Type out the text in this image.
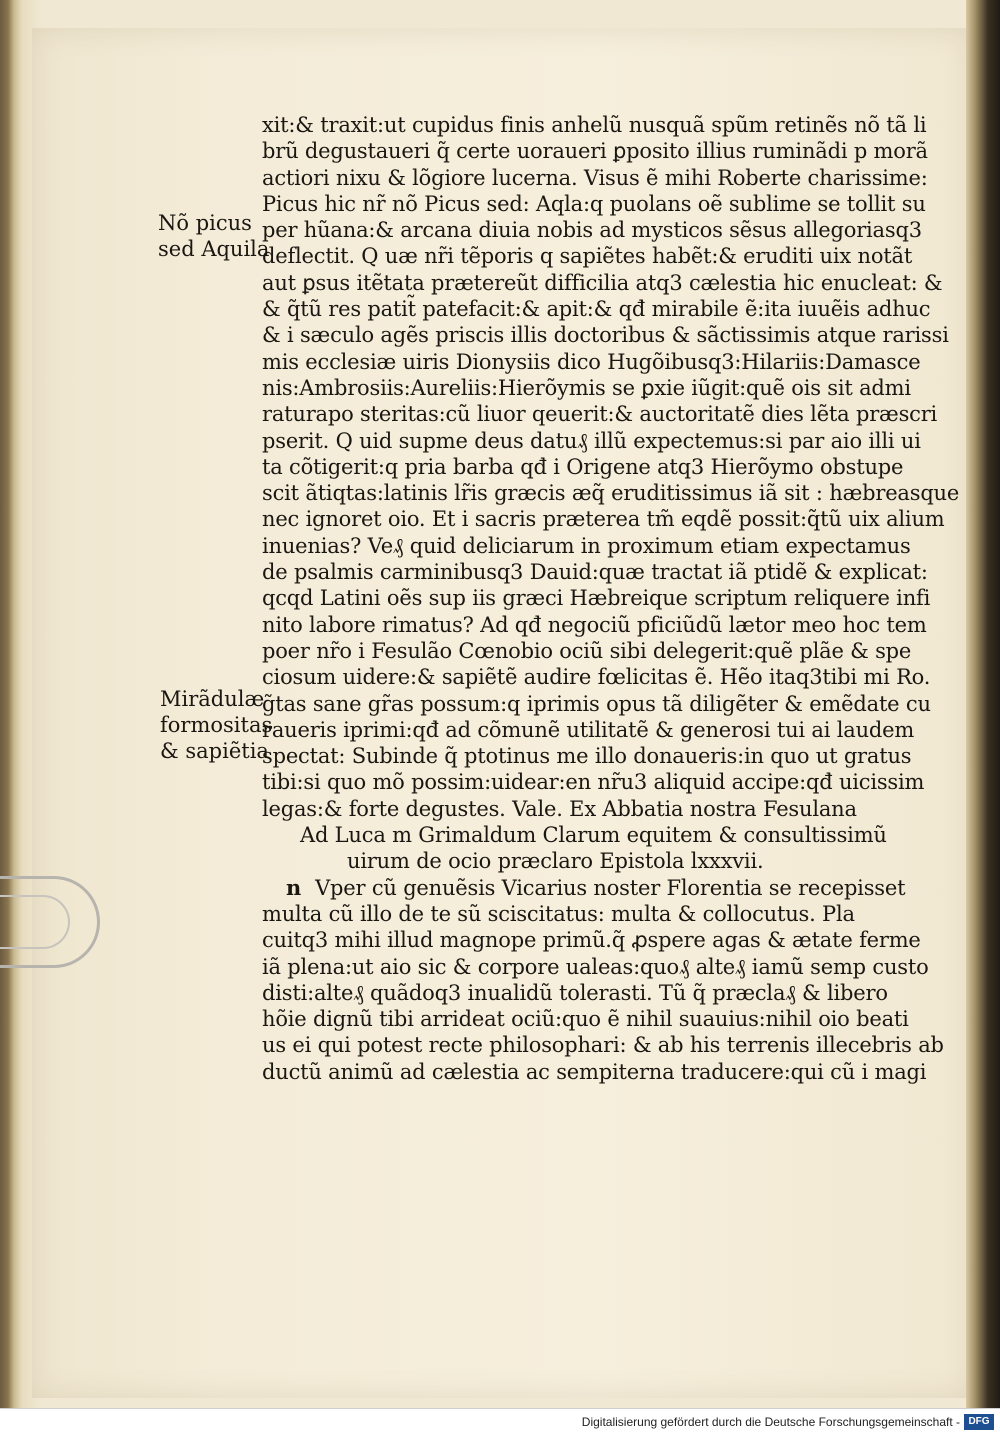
Nõ picus
sed Aquila
Mirãdulæ
formositas
& sapiẽtia
xit:& traxit:ut cupidus finis anhelũ nusquã spũm retinẽs nõ tã li
brũ degustaueri q̃ certe uoraueri ꝑposito illius ruminãdi p morã
actiori nixu & lõgiore lucerna. Visus ẽ mihi Roberte charissime:
Picus hic nr̃ nõ Picus sed: Aqla:q puolans oẽ sublime se tollit su
per hũana:& arcana diuia nobis ad mysticos sẽsus allegoriasq3
deflectit. Q uæ nr̃i tẽporis q sapiẽtes habẽt:& eruditi uix notãt
aut ꝑsus itẽtata prætereũt difficilia atq3 cælestia hic enucleat: &
& q̃tũ res patit̃ patefacit:& apit:& qđ mirabile ẽ:ita iuuẽis adhuc
& i sæculo agẽs priscis illis doctoribus & sãctissimis atque rarissi
mis ecclesiæ uiris Dionysiis dico Hugõibusq3:Hilariis:Damasce
nis:Ambrosiis:Aureliis:Hierõymis se ꝑxie iũgit:quẽ ois sit admi
raturapo steritas:cũ liuor qeuerit:& auctoritatẽ dies lẽta præscri
pserit. Q uid supme deus datu₰ illũ expectemus:si par aio illi ui
ta cõtigerit:q pria barba qđ i Origene atq3 Hierõymo obstupe
scit ãtiqtas:latinis lr̃is græcis æq̃ eruditissimus iã sit : hæbreasque
nec ignoret oio. Et i sacris præterea tm̃ eqdẽ possit:q̃tũ uix alium
inuenias? Ve₰ quid deliciarum in proximum etiam expectamus
de psalmis carminibusq3 Dauid:quæ tractat iã ptidẽ & explicat:
qcqd Latini oẽs sup iis græci Hæbreique scriptum reliquere infi
nito labore rimatus? Ad qđ negociũ pficiũdũ lætor meo hoc tem
poer nr̃o i Fesulão Cœnobio ociũ sibi delegerit:quẽ plãe & spe
ciosum uidere:& sapiẽtẽ audire fœlicitas ẽ. Hẽo itaq3tibi mi Ro.
g̃tas sane gr̃as possum:q iprimis opus tã diligẽter & emẽdate cu
raueris iprimi:qđ ad cõmunẽ utilitatẽ & generosi tui ai laudem
spectat: Subinde q̃ ptotinus me illo donaueris:in quo ut gratus
tibi:si quo mõ possim:uidear:en nr̃u3 aliquid accipe:qđ uicissim
legas:& forte degustes. Vale. Ex Abbatia nostra Fesulana
Ad Luca m Grimaldum Clarum equitem & consultissimũ
uirum de ocio præclaro Epistola lxxxvii.
n Vper cũ genuẽsis Vicarius noster Florentia se recepisset
multa cũ illo de te sũ sciscitatus: multa & collocutus. Pla
cuitq3 mihi illud magnope primũ.q̃ ꝓspere agas & ætate ferme
iã plena:ut aio sic & corpore ualeas:quo₰ alte₰ iamũ semp custo
disti:alte₰ quãdoq3 inualidũ tolerasti. Tũ q̃ præcla₰ & libero
hõie dignũ tibi arrideat ociũ:quo ẽ nihil suauius:nihil oio beati
us ei qui potest recte philosophari: & ab his terrenis illecebris ab
ductũ animũ ad cælestia ac sempiterna traducere:qui cũ i magi
Digitalisierung gefördert durch die Deutsche Forschungsgemeinschaft - DFG
